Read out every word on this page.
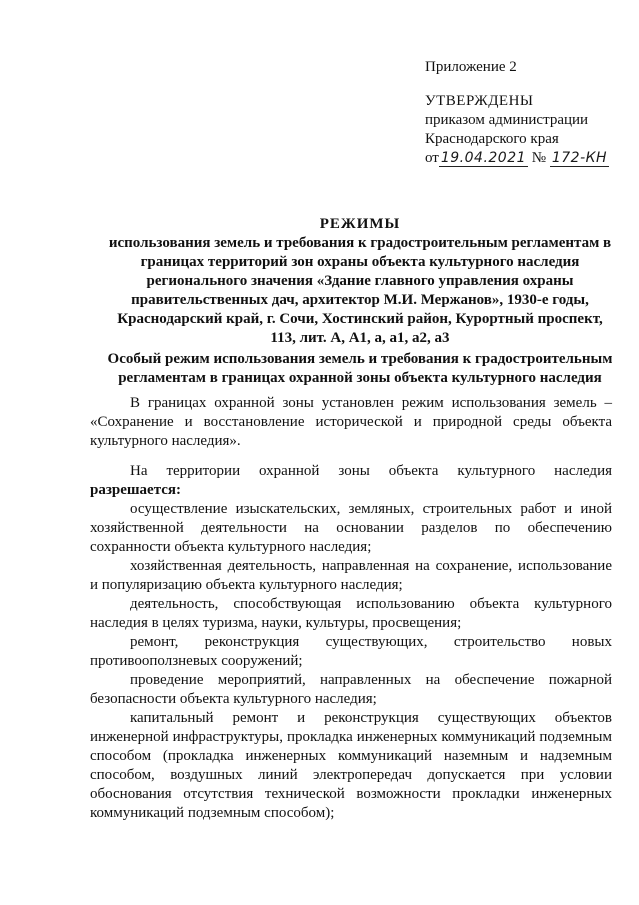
Приложение 2
УТВЕРЖДЕНЫ
приказом администрации
Краснодарского края
от 19.04.2021 № 172-КН
РЕЖИМЫ
использования земель и требования к градостроительным регламентам в
границах территорий зон охраны объекта культурного наследия
регионального значения «Здание главного управления охраны
правительственных дач, архитектор М.И. Мержанов», 1930-е годы,
Краснодарский край, г. Сочи, Хостинский район, Курортный проспект,
113, лит. А, А1, а, а1, а2, а3
Особый режим использования земель и требования к градостроительным
регламентам в границах охранной зоны объекта культурного наследия

В границах охранной зоны установлен режим использования земель – «Сохранение и восстановление исторической и природной среды объекта культурного наследия».

На территории охранной зоны объекта культурного наследия разрешается:

осуществление изыскательских, земляных, строительных работ и иной хозяйственной деятельности на основании разделов по обеспечению сохранности объекта культурного наследия;

хозяйственная деятельность, направленная на сохранение, использование и популяризацию объекта культурного наследия;

деятельность, способствующая использованию объекта культурного наследия в целях туризма, науки, культуры, просвещения;

ремонт, реконструкция существующих, строительство новых противооползневых сооружений;

проведение мероприятий, направленных на обеспечение пожарной безопасности объекта культурного наследия;

капитальный ремонт и реконструкция существующих объектов инженерной инфраструктуры, прокладка инженерных коммуникаций подземным способом (прокладка инженерных коммуникаций наземным и надземным способом, воздушных линий электропередач допускается при условии обоснования отсутствия технической возможности прокладки инженерных коммуникаций подземным способом);
